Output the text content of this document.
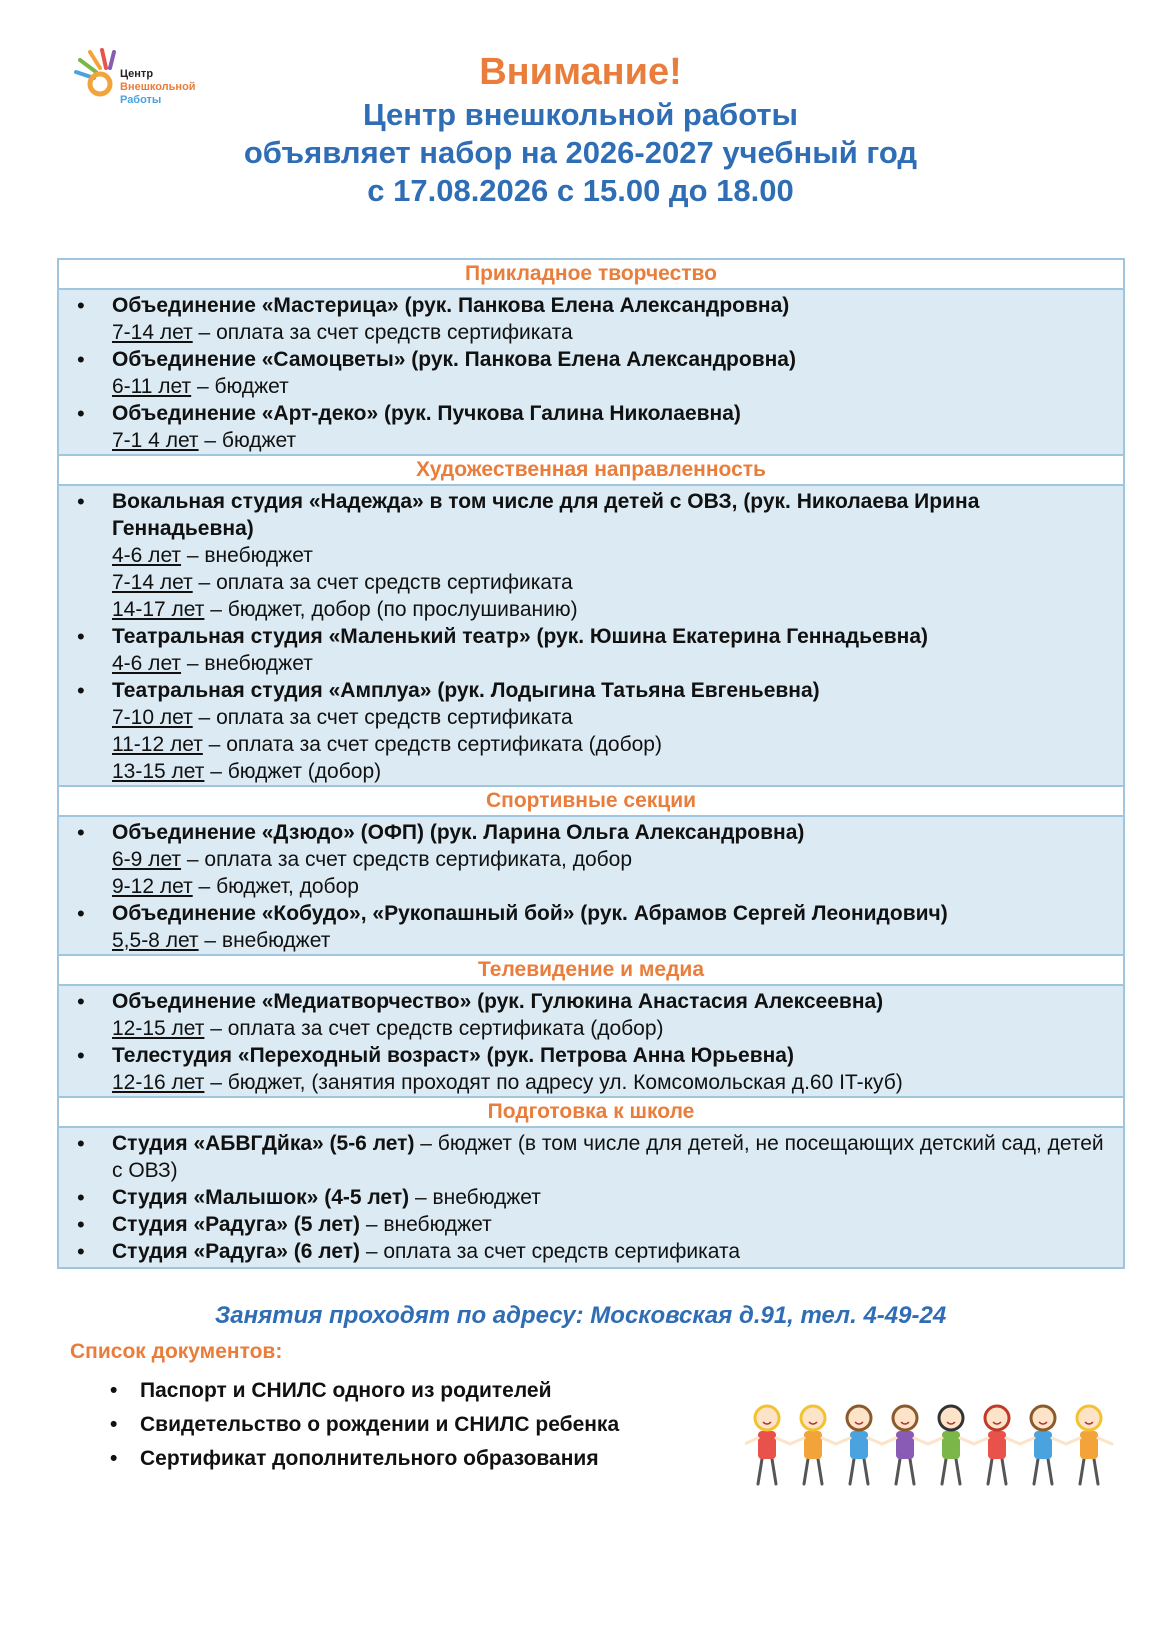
Центр
Внешкольной
Работы
Внимание!
Центр внешкольной работы
объявляет набор на 2026-2027 учебный год
с 17.08.2026 с 15.00 до 18.00
Прикладное творчество
• Объединение «Мастерица» (рук. Панкова Елена Александровна)
7-14 лет – оплата за счет средств сертификата
• Объединение «Самоцветы» (рук. Панкова Елена Александровна)
6-11 лет – бюджет
• Объединение «Арт-деко» (рук. Пучкова Галина Николаевна)
7-1 4 лет – бюджет
Художественная направленность
• Вокальная студия «Надежда» в том числе для детей с ОВЗ, (рук. Николаева Ирина Геннадьевна)
4-6 лет – внебюджет
7-14 лет – оплата за счет средств сертификата
14-17 лет – бюджет, добор (по прослушиванию)
• Театральная студия «Маленький театр» (рук. Юшина Екатерина Геннадьевна)
4-6 лет – внебюджет
• Театральная студия «Амплуа» (рук. Лодыгина Татьяна Евгеньевна)
7-10 лет – оплата за счет средств сертификата
11-12 лет – оплата за счет средств сертификата (добор)
13-15 лет – бюджет (добор)
Спортивные секции
• Объединение «Дзюдо» (ОФП) (рук. Ларина Ольга Александровна)
6-9 лет – оплата за счет средств сертификата, добор
9-12 лет – бюджет, добор
• Объединение «Кобудо», «Рукопашный бой» (рук. Абрамов Сергей Леонидович)
5,5-8 лет – внебюджет
Телевидение и медиа
• Объединение «Медиатворчество» (рук. Гулюкина Анастасия Алексеевна)
12-15 лет – оплата за счет средств сертификата (добор)
• Телестудия «Переходный возраст» (рук. Петрова Анна Юрьевна)
12-16 лет – бюджет, (занятия проходят по адресу ул. Комсомольская д.60 IT-куб)
Подготовка к школе
• Студия «АБВГДйка» (5-6 лет) – бюджет (в том числе для детей, не посещающих детский сад, детей с ОВЗ)
• Студия «Малышок» (4-5 лет) – внебюджет
• Студия «Радуга» (5 лет) – внебюджет
• Студия «Радуга» (6 лет) – оплата за счет средств сертификата
Занятия проходят по адресу: Московская д.91, тел. 4-49-24
Список документов:
• Паспорт и СНИЛС одного из родителей
• Свидетельство о рождении и СНИЛС ребенка
• Сертификат дополнительного образования
